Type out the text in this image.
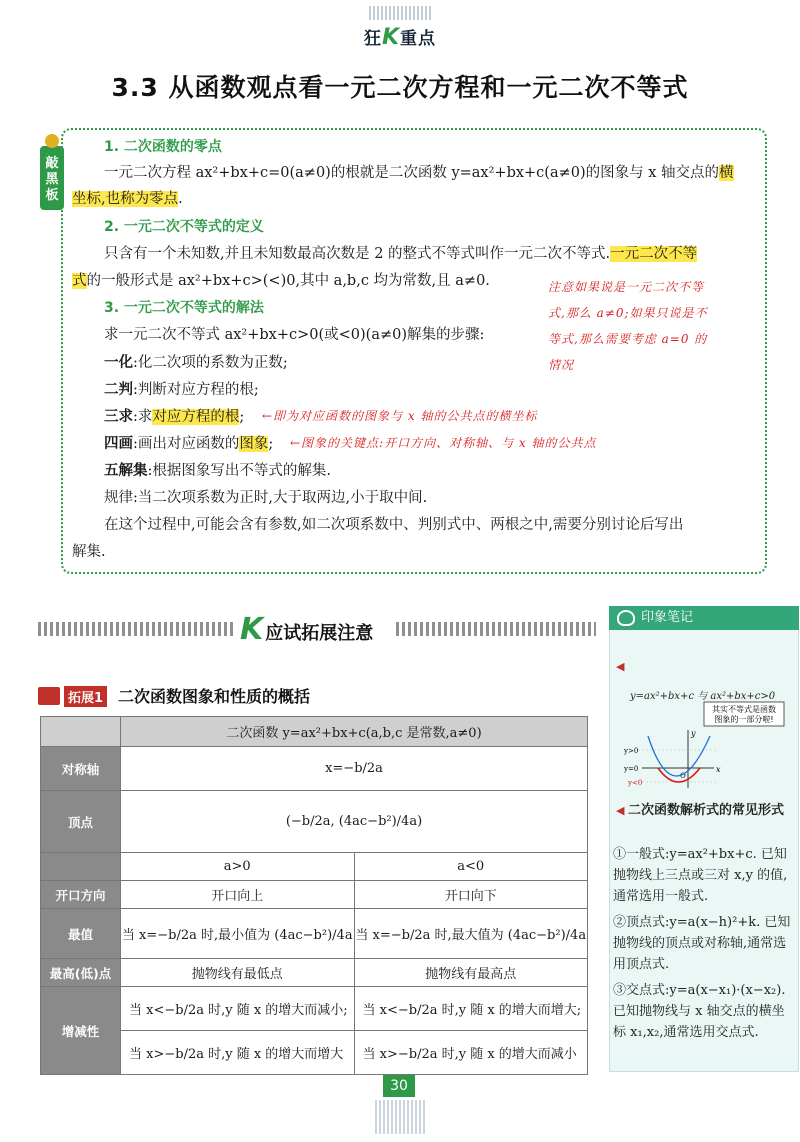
狂K重点
3.3 从函数观点看一元二次方程和一元二次不等式
敲黑板
1. 二次函数的零点
一元二次方程 ax²+bx+c=0(a≠0)的根就是二次函数 y=ax²+bx+c(a≠0)的图象与 x 轴交点的横
坐标,也称为零点.
2. 一元二次不等式的定义
只含有一个未知数,并且未知数最高次数是 2 的整式不等式叫作一元二次不等式.一元二次不等
式的一般形式是 ax²+bx+c>(<)0,其中 a,b,c 均为常数,且 a≠0.
3. 一元二次不等式的解法
求一元二次不等式 ax²+bx+c>0(或<0)(a≠0)解集的步骤:
一化:化二次项的系数为正数;
二判:判断对应方程的根;
三求:求对应方程的根;
四画:画出对应函数的图象;
五解集:根据图象写出不等式的解集.
规律:当二次项系数为正时,大于取两边,小于取中间.
在这个过程中,可能会含有参数,如二次项系数中、判别式中、两根之中,需要分别讨论后写出
解集.
注意如果说是一元二次不等
式,那么 a≠0;如果只说是不
等式,那么需要考虑 a=0 的
情况
←即为对应函数的图象与 x 轴的公共点的横坐标
←图象的关键点:开口方向、对称轴、与 x 轴的公共点
K应试拓展注意
拓展1 二次函数图象和性质的概括
	二次函数 y=ax²+bx+c(a,b,c 是常数,a≠0)	
对称轴	x=−b/2a	
顶点	(−b/2a, (4ac−b²)/4a)	
	a>0	a<0
开口方向	开口向上	开口向下
最值	当 x=−b/2a 时,最小值为 (4ac−b²)/4a	当 x=−b/2a 时,最大值为 (4ac−b²)/4a
最高(低)点	抛物线有最低点	抛物线有最高点
增减性	当 x<−b/2a 时,y 随 x 的增大而减小;	当 x<−b/2a 时,y 随 x 的增大而增大;
	当 x>−b/2a 时,y 随 x 的增大而增大	当 x>−b/2a 时,y 随 x 的增大而减小
印象笔记
◀
y=ax²+bx+c 与 ax²+bx+c>0
其实不等式是函数
图象的一部分啦!
x
y
O
y>0
y=0
y<0
◀ 二次函数解析式的常见形式
①一般式:y=ax²+bx+c. 已知抛物线上三点或三对 x,y 的值,通常选用一般式.
②顶点式:y=a(x−h)²+k. 已知抛物线的顶点或对称轴,通常选用顶点式.
③交点式:y=a(x−x₁)·(x−x₂). 已知抛物线与 x 轴交点的横坐标 x₁,x₂,通常选用交点式.
30
